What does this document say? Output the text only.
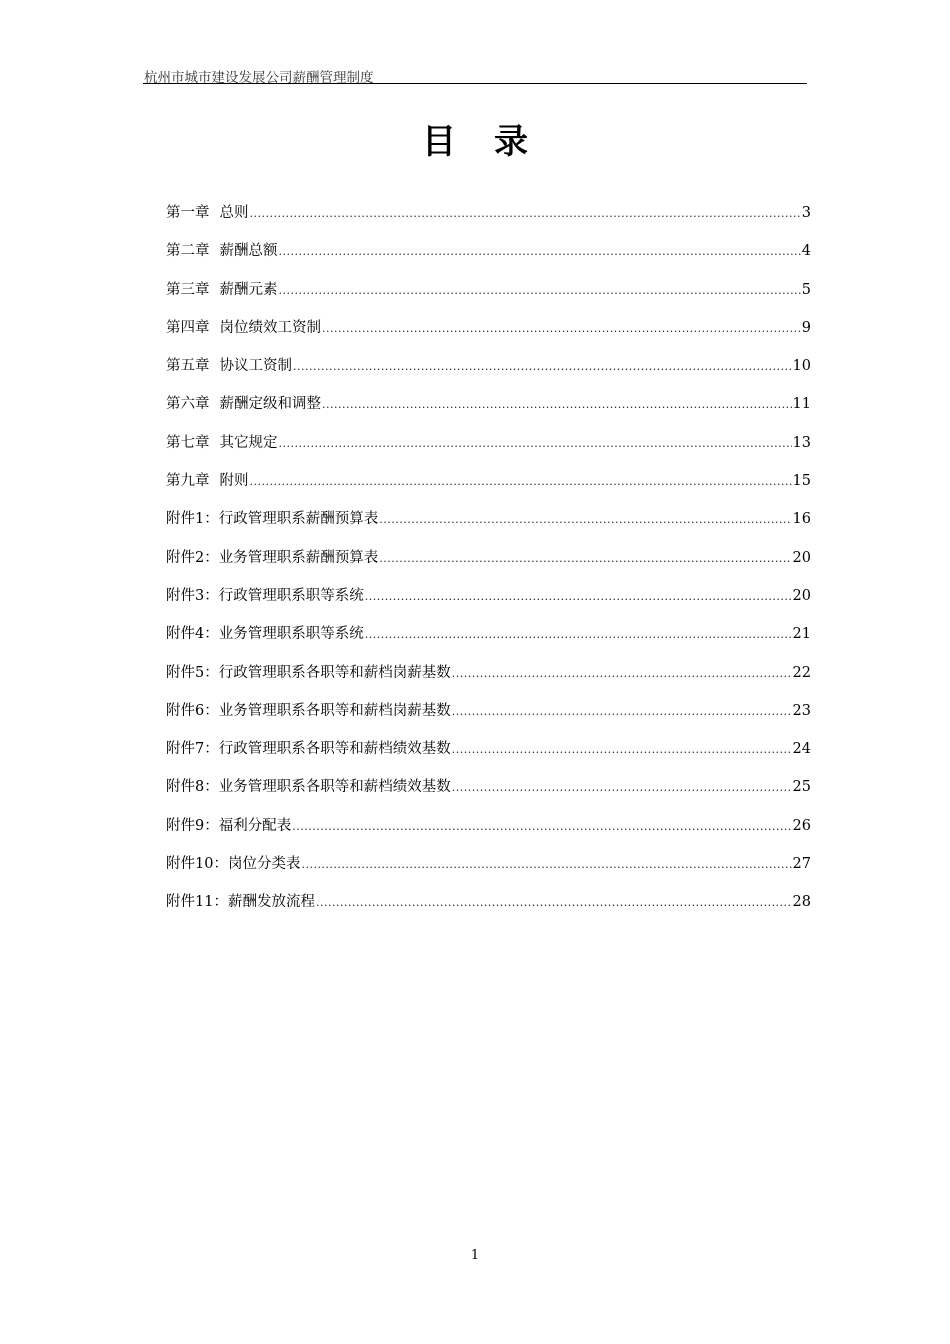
杭州市城市建设发展公司薪酬管理制度
目录
第一章 总则 .....	3
第二章 薪酬总额 .....	4
第三章 薪酬元素 .....	5
第四章 岗位绩效工资制 .....	9
第五章 协议工资制 .....	10
第六章 薪酬定级和调整 .....	11
第七章 其它规定 .....	13
第九章 附则 .....	15
附件1：行政管理职系薪酬预算表 .....	16
附件2：业务管理职系薪酬预算表 .....	20
附件3：行政管理职系职等系统 .....	20
附件4：业务管理职系职等系统 .....	21
附件5：行政管理职系各职等和薪档岗薪基数 .....	22
附件6：业务管理职系各职等和薪档岗薪基数 .....	23
附件7：行政管理职系各职等和薪档绩效基数 .....	24
附件8：业务管理职系各职等和薪档绩效基数 .....	25
附件9：福利分配表 .....	26
附件10：岗位分类表 .....	27
附件11：薪酬发放流程 .....	28
1
